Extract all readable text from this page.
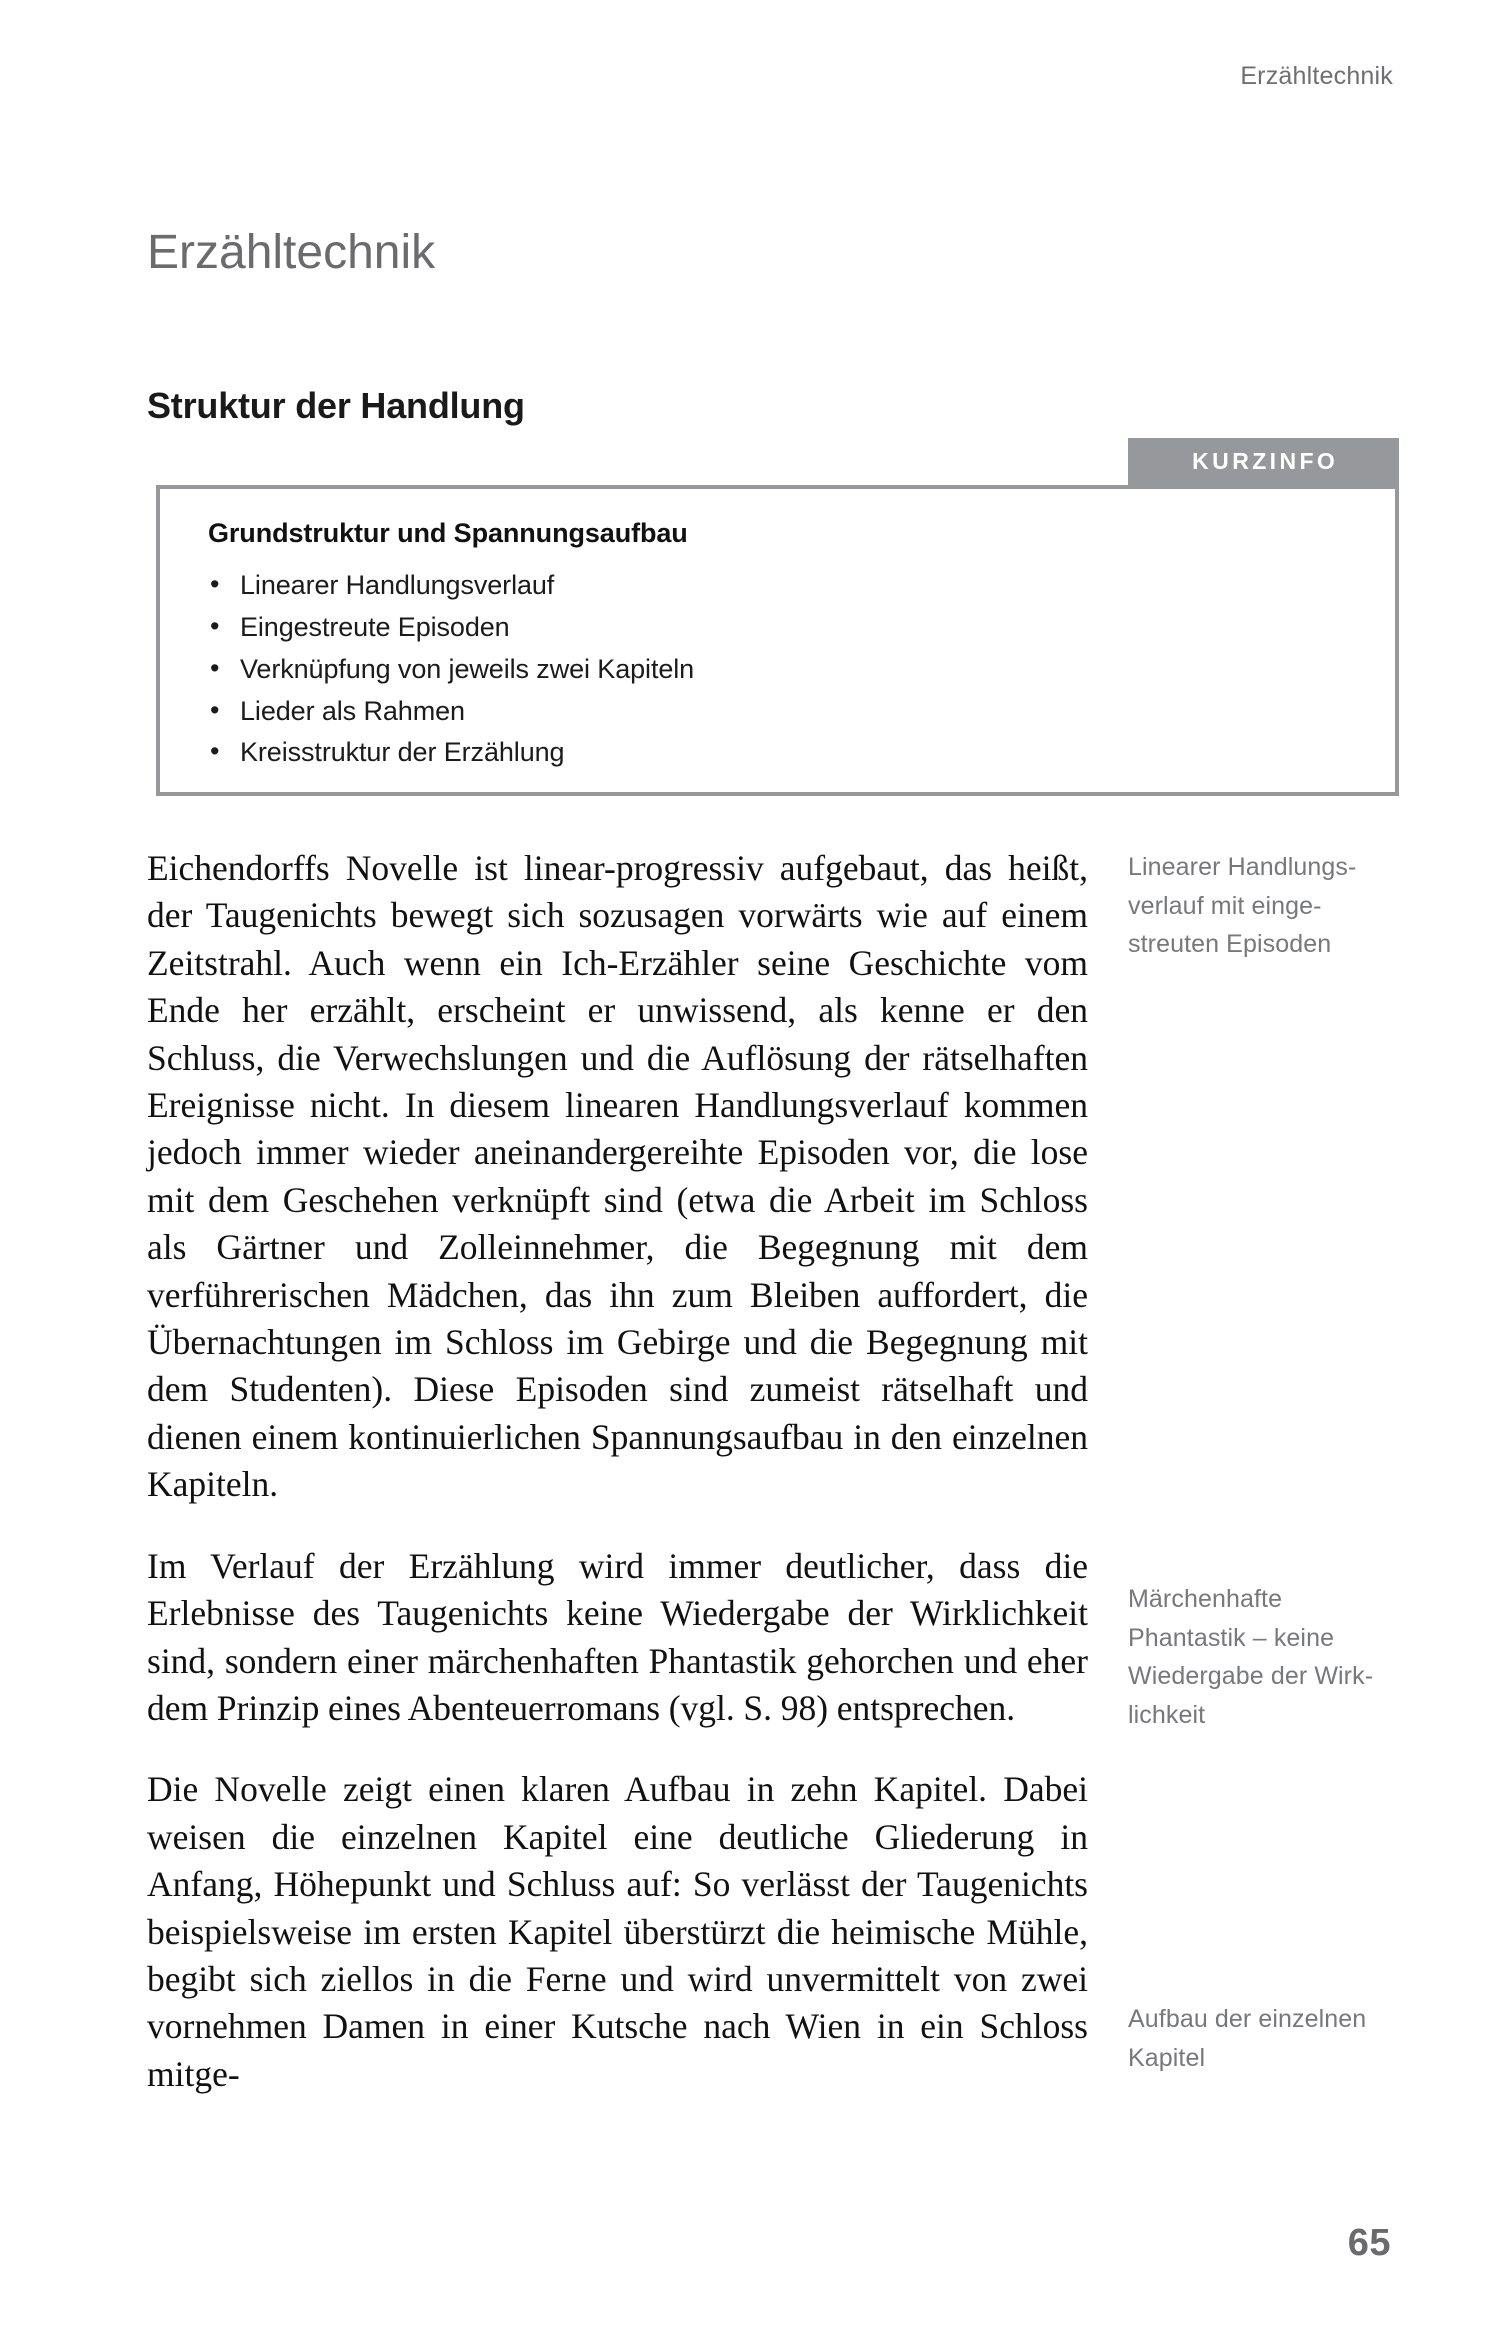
Erzähltechnik
Erzähltechnik
Struktur der Handlung
KURZINFO
Grundstruktur und Spannungsaufbau
• Linearer Handlungsverlauf
• Eingestreute Episoden
• Verknüpfung von jeweils zwei Kapiteln
• Lieder als Rahmen
• Kreisstruktur der Erzählung

Eichendorffs Novelle ist linear-progressiv aufgebaut, das heißt, der Taugenichts bewegt sich sozusagen vorwärts wie auf einem Zeitstrahl. Auch wenn ein Ich-Erzähler seine Geschichte vom Ende her erzählt, erscheint er unwissend, als kenne er den Schluss, die Verwechslungen und die Auflösung der rätselhaften Ereignisse nicht. In diesem linearen Handlungsverlauf kommen jedoch immer wieder aneinandergereihte Episoden vor, die lose mit dem Geschehen verknüpft sind (etwa die Arbeit im Schloss als Gärtner und Zolleinnehmer, die Begegnung mit dem verführerischen Mädchen, das ihn zum Bleiben auffordert, die Übernachtungen im Schloss im Gebirge und die Begegnung mit dem Studenten). Diese Episoden sind zumeist rätselhaft und dienen einem kontinuierlichen Spannungsaufbau in den einzelnen Kapiteln.

Im Verlauf der Erzählung wird immer deutlicher, dass die Erlebnisse des Taugenichts keine Wiedergabe der Wirklichkeit sind, sondern einer märchenhaften Phantastik gehorchen und eher dem Prinzip eines Abenteuerromans (vgl. S. 98) entsprechen.

Die Novelle zeigt einen klaren Aufbau in zehn Kapitel. Dabei weisen die einzelnen Kapitel eine deutliche Gliederung in Anfang, Höhepunkt und Schluss auf: So verlässt der Taugenichts beispielsweise im ersten Kapitel überstürzt die heimische Mühle, begibt sich ziellos in die Ferne und wird unvermittelt von zwei vornehmen Damen in einer Kutsche nach Wien in ein Schloss mitge-

Linearer Handlungsverlauf mit eingestreuten Episoden
Märchenhafte Phantastik – keine Wiedergabe der Wirklichkeit
Aufbau der einzelnen Kapitel
65
